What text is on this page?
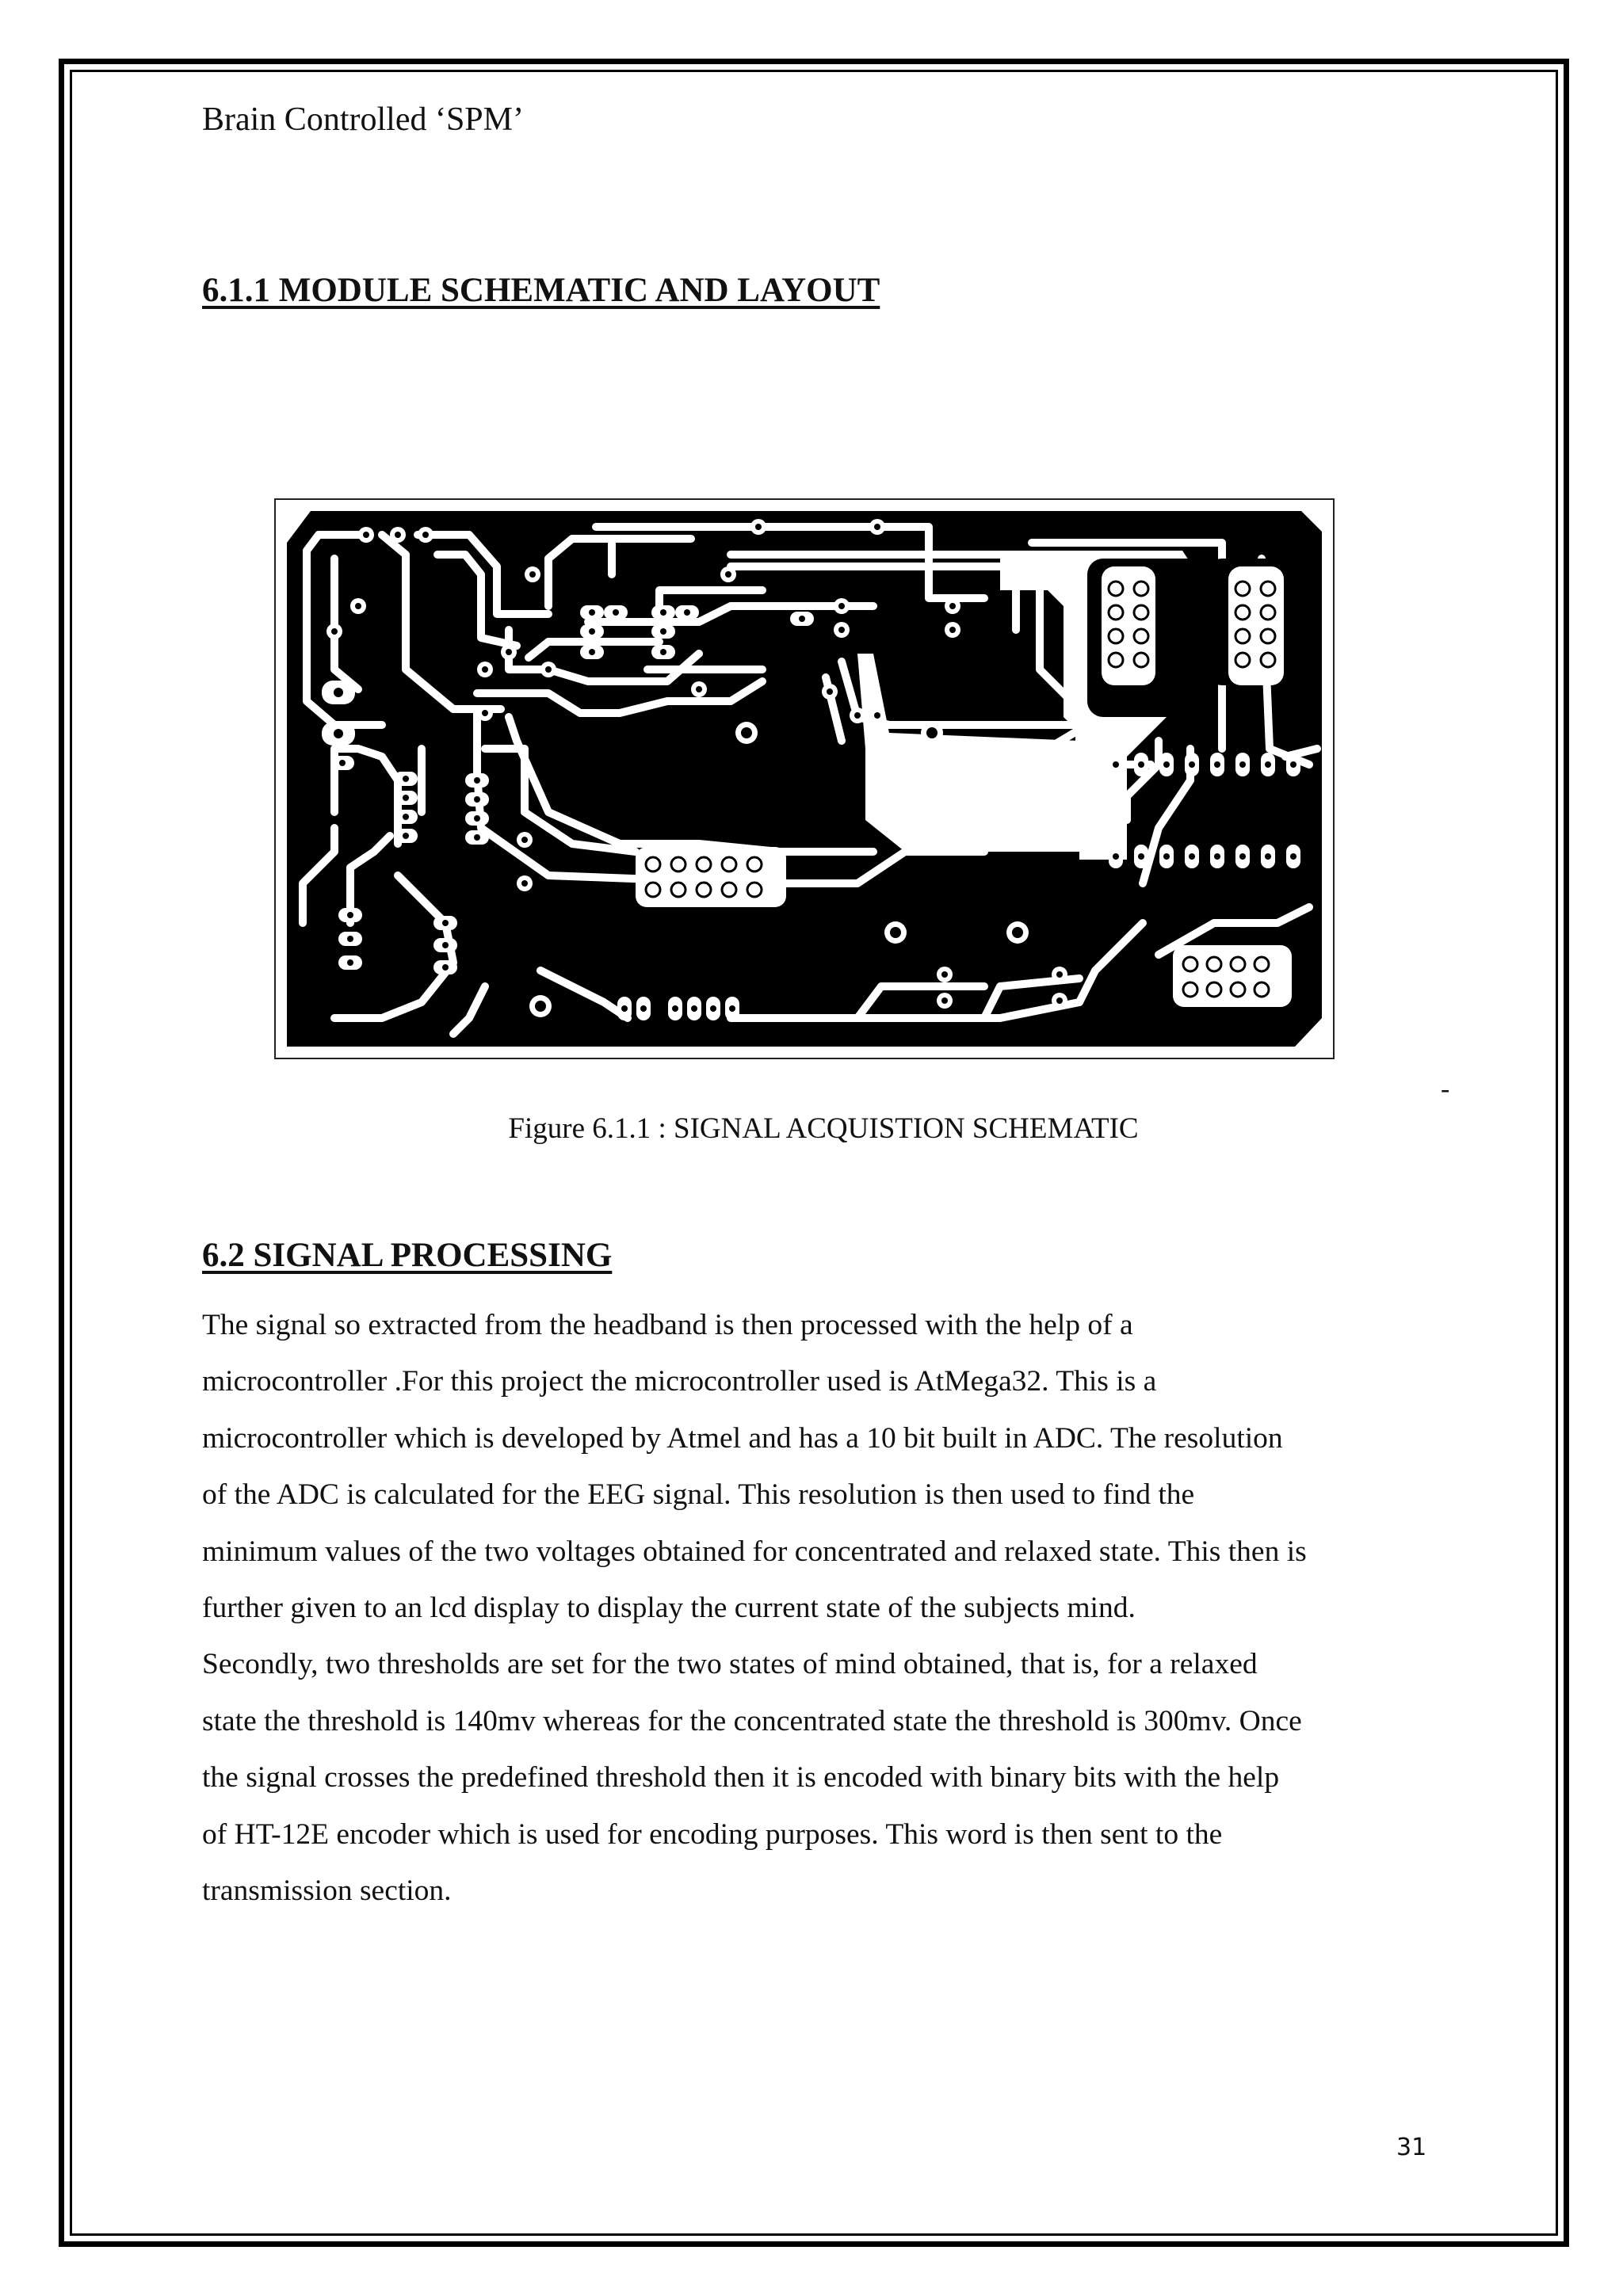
Brain Controlled ‘SPM’
6.1.1 MODULE SCHEMATIC AND LAYOUT
-
Figure 6.1.1 : SIGNAL ACQUISTION SCHEMATIC
6.2 SIGNAL PROCESSING
The signal so extracted from the headband is then processed with the help of a
microcontroller .For this project the microcontroller used is AtMega32. This is a
microcontroller which is developed by Atmel and has a 10 bit built in ADC. The resolution
of the ADC is calculated for the EEG signal. This resolution is then used to find the
minimum values of the two voltages obtained for concentrated and relaxed state. This then is
further given to an lcd display to display the current state of the subjects mind.
Secondly, two thresholds are set for the two states of mind obtained, that is, for a relaxed
state the threshold is 140mv whereas for the concentrated state the threshold is 300mv. Once
the signal crosses the predefined threshold then it is encoded with binary bits with the help
of HT-12E encoder which is used for encoding purposes. This word is then sent to the
transmission section.
31
